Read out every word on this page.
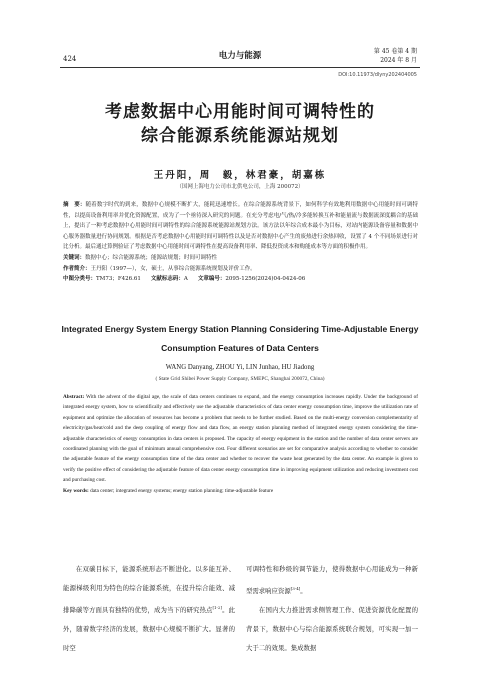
424	电力与能源	第 45 卷第 4 期
2024 年 8 月
DOI:10.11973/dlyny202404005
考虑数据中心用能时间可调特性的
综合能源系统能源站规划
王丹阳，周　毅，林君豪，胡嘉栋
（国网上海电力公司市北供电公司，上海 200072）

摘　要：随着数字时代的到来，数据中心规模不断扩大，能耗迅速增长。在综合能源系统背景下，如何科学有效地利用数据中心用能时间可调特性，以提高设备利用率并优化资源配置，成为了一个亟待深入研究的问题。在充分考虑电/气/热/冷多能转换互补和能量流与数据流深度耦合的基础上，提出了一种考虑数据中心用能时间可调特性的综合能源系统能源站规划方法。该方法以年综合成本最小为目标，对站内能源设备容量和数据中心服务器数量进行协同规划。根据是否考虑数据中心用能时间可调特性以及是否对数据中心产生的废热进行余热回收，设置了 4 个不同场景进行对比分析。最后通过算例验证了考虑数据中心用能时间可调特性在提高设备利用率、降低投资成本和购能成本等方面的积极作用。

关键词：数据中心；综合能源系统；能源站规划；时间可调特性

作者简介：王丹阳（1997—），女，硕士，从事综合能源系统规划及评价工作。

中图分类号：TM73；F426.61 文献标志码：A 文章编号：2095-1256(2024)04-0424-06

Integrated Energy System Energy Station Planning Considering Time-Adjustable Energy
Consumption Features of Data Centers
WANG Danyang, ZHOU Yi, LIN Junhao, HU Jiadong
( State Grid Shibei Power Supply Company, SMEPC, Shanghai 200072, China)

Abstract: With the advent of the digital age, the scale of data centers continues to expand, and the energy consumption increases rapidly. Under the background of integrated energy system, how to scientifically and effectively use the adjustable characteristics of data center energy consumption time, improve the utilization rate of equipment and optimize the allocation of resources has become a problem that needs to be further studied. Based on the multi-energy conversion complementarity of electricity/gas/heat/cold and the deep coupling of energy flow and data flow, an energy station planning method of integrated energy system considering the time-adjustable characteristics of energy consumption in data centers is proposed. The capacity of energy equipment in the station and the number of data center servers are coordinated planning with the goal of minimum annual comprehensive cost. Four different scenarios are set for comparative analysis according to whether to consider the adjustable feature of the energy consumption time of the data center and whether to recover the waste heat generated by the data center. An example is given to verify the positive effect of considering the adjustable feature of data center energy consumption time in improving equipment utilization and reducing investment cost and purchasing cost.

Key words: data center; integrated energy systems; energy station planning; time-adjustable feature

在双碳目标下，能源系统形态不断进化。以多能互补、能源梯级利用为特色的综合能源系统，在提升综合能效、减排降碳等方面具有独特的优势，成为当下的研究热点[1-2]。此外，随着数字经济的发展，数据中心规模不断扩大。显著的时空

可调特性和秒级的调节能力，使得数据中心用能成为一种新型需求响应资源[3-4]。

在国内大力推进需求侧管理工作、促进资源优化配置的背景下，数据中心与综合能源系统联合规划，可实现一加一大于二的效果。集成数据
